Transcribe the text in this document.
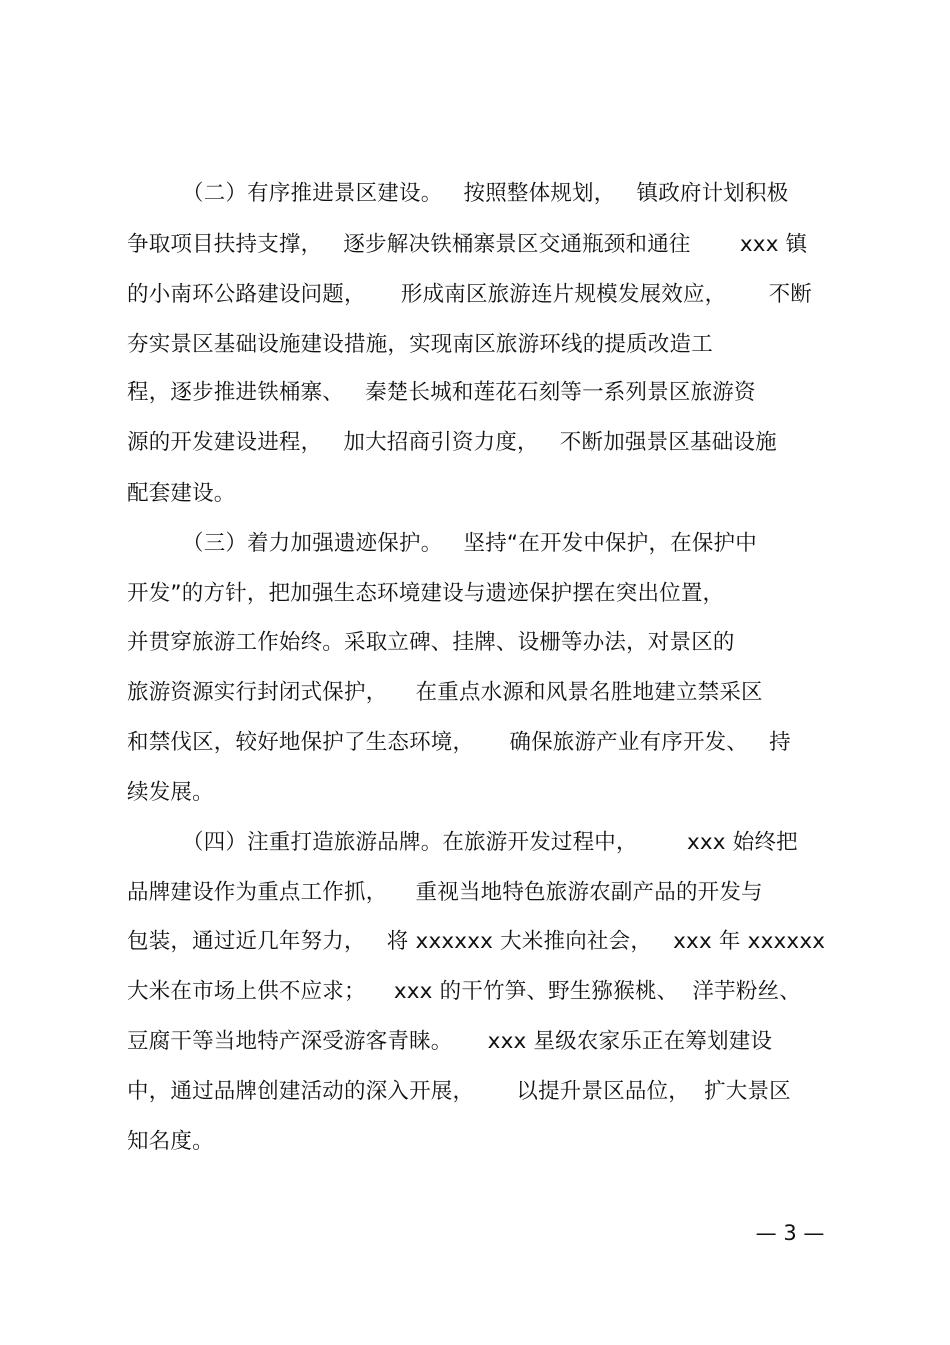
（二）有序推进景区建设。   按照整体规划，   镇政府计划积极
争取项目扶持支撑，   逐步解决铁桶寨景区交通瓶颈和通往       xxx 镇
的小南环公路建设问题，     形成南区旅游连片规模发展效应，      不断
夯实景区基础设施建设措施，实现南区旅游环线的提质改造工
程，逐步推进铁桶寨、   秦楚长城和莲花石刻等一系列景区旅游资
源的开发建设进程，   加大招商引资力度，   不断加强景区基础设施
配套建设。
（三）着力加强遗迹保护。   坚持“在开发中保护，在保护中
开发”的方针，把加强生态环境建设与遗迹保护摆在突出位置，
并贯穿旅游工作始终。采取立碑、挂牌、设栅等办法，对景区的
旅游资源实行封闭式保护，    在重点水源和风景名胜地建立禁采区
和禁伐区，较好地保护了生态环境，     确保旅游产业有序开发、   持
续发展。
（四）注重打造旅游品牌。在旅游开发过程中，       xxx 始终把
品牌建设作为重点工作抓，    重视当地特色旅游农副产品的开发与
包装，通过近几年努力，   将 xxxxxx 大米推向社会，   xxx 年 xxxxxx
大米在市场上供不应求；    xxx 的干竹笋、野生猕猴桃、  洋芋粉丝、
豆腐干等当地特产深受游客青睐。     xxx 星级农家乐正在筹划建设
中，通过品牌创建活动的深入开展，      以提升景区品位，  扩大景区
知名度。
— 3 —
